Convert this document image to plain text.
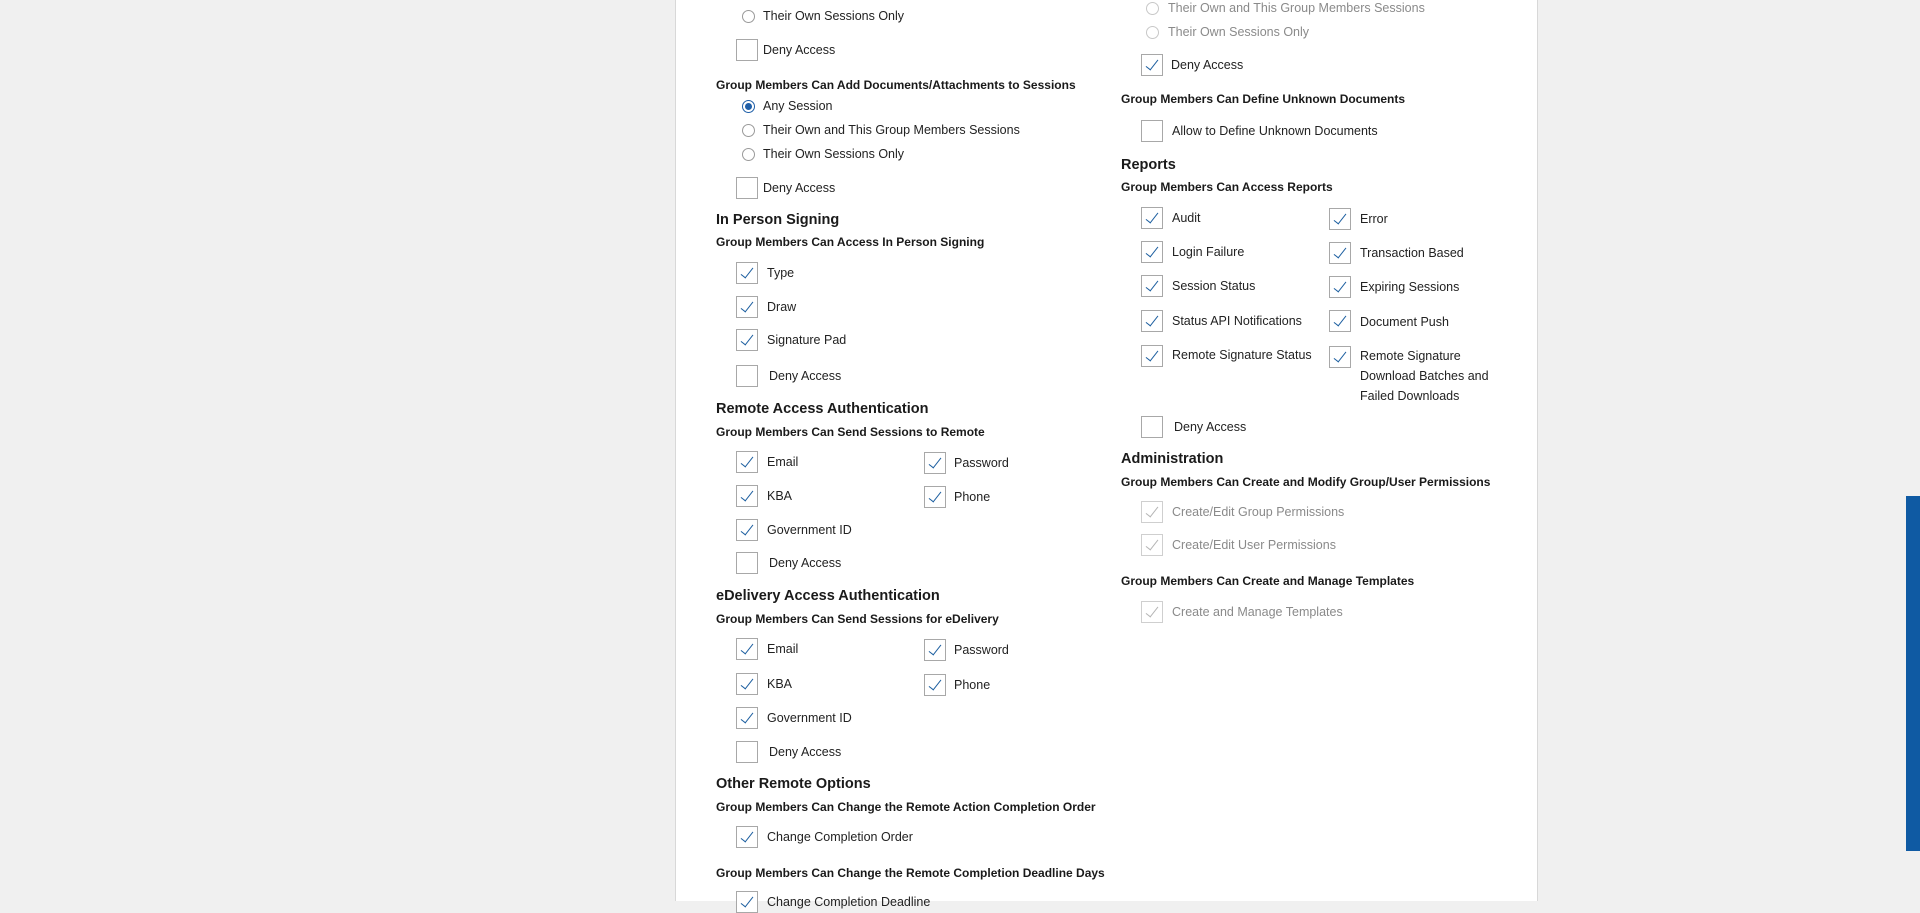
Their Own Sessions Only
Deny Access
Group Members Can Add Documents/Attachments to Sessions
Any Session
Their Own and This Group Members Sessions
Their Own Sessions Only
Deny Access
In Person Signing
Group Members Can Access In Person Signing
Type
Draw
Signature Pad
Deny Access
Remote Access Authentication
Group Members Can Send Sessions to Remote
Email	Password
KBA	Phone
Government ID
Deny Access
eDelivery Access Authentication
Group Members Can Send Sessions for eDelivery
Email	Password
KBA	Phone
Government ID
Deny Access
Other Remote Options
Group Members Can Change the Remote Action Completion Order
Change Completion Order
Group Members Can Change the Remote Completion Deadline Days
Change Completion Deadline
Their Own and This Group Members Sessions
Their Own Sessions Only
Deny Access
Group Members Can Define Unknown Documents
Allow to Define Unknown Documents
Reports
Group Members Can Access Reports
Audit	Error
Login Failure	Transaction Based
Session Status	Expiring Sessions
Status API Notifications	Document Push
Remote Signature Status	Remote Signature
Download Batches and
Failed Downloads
Deny Access
Administration
Group Members Can Create and Modify Group/User Permissions
Create/Edit Group Permissions
Create/Edit User Permissions
Group Members Can Create and Manage Templates
Create and Manage Templates
